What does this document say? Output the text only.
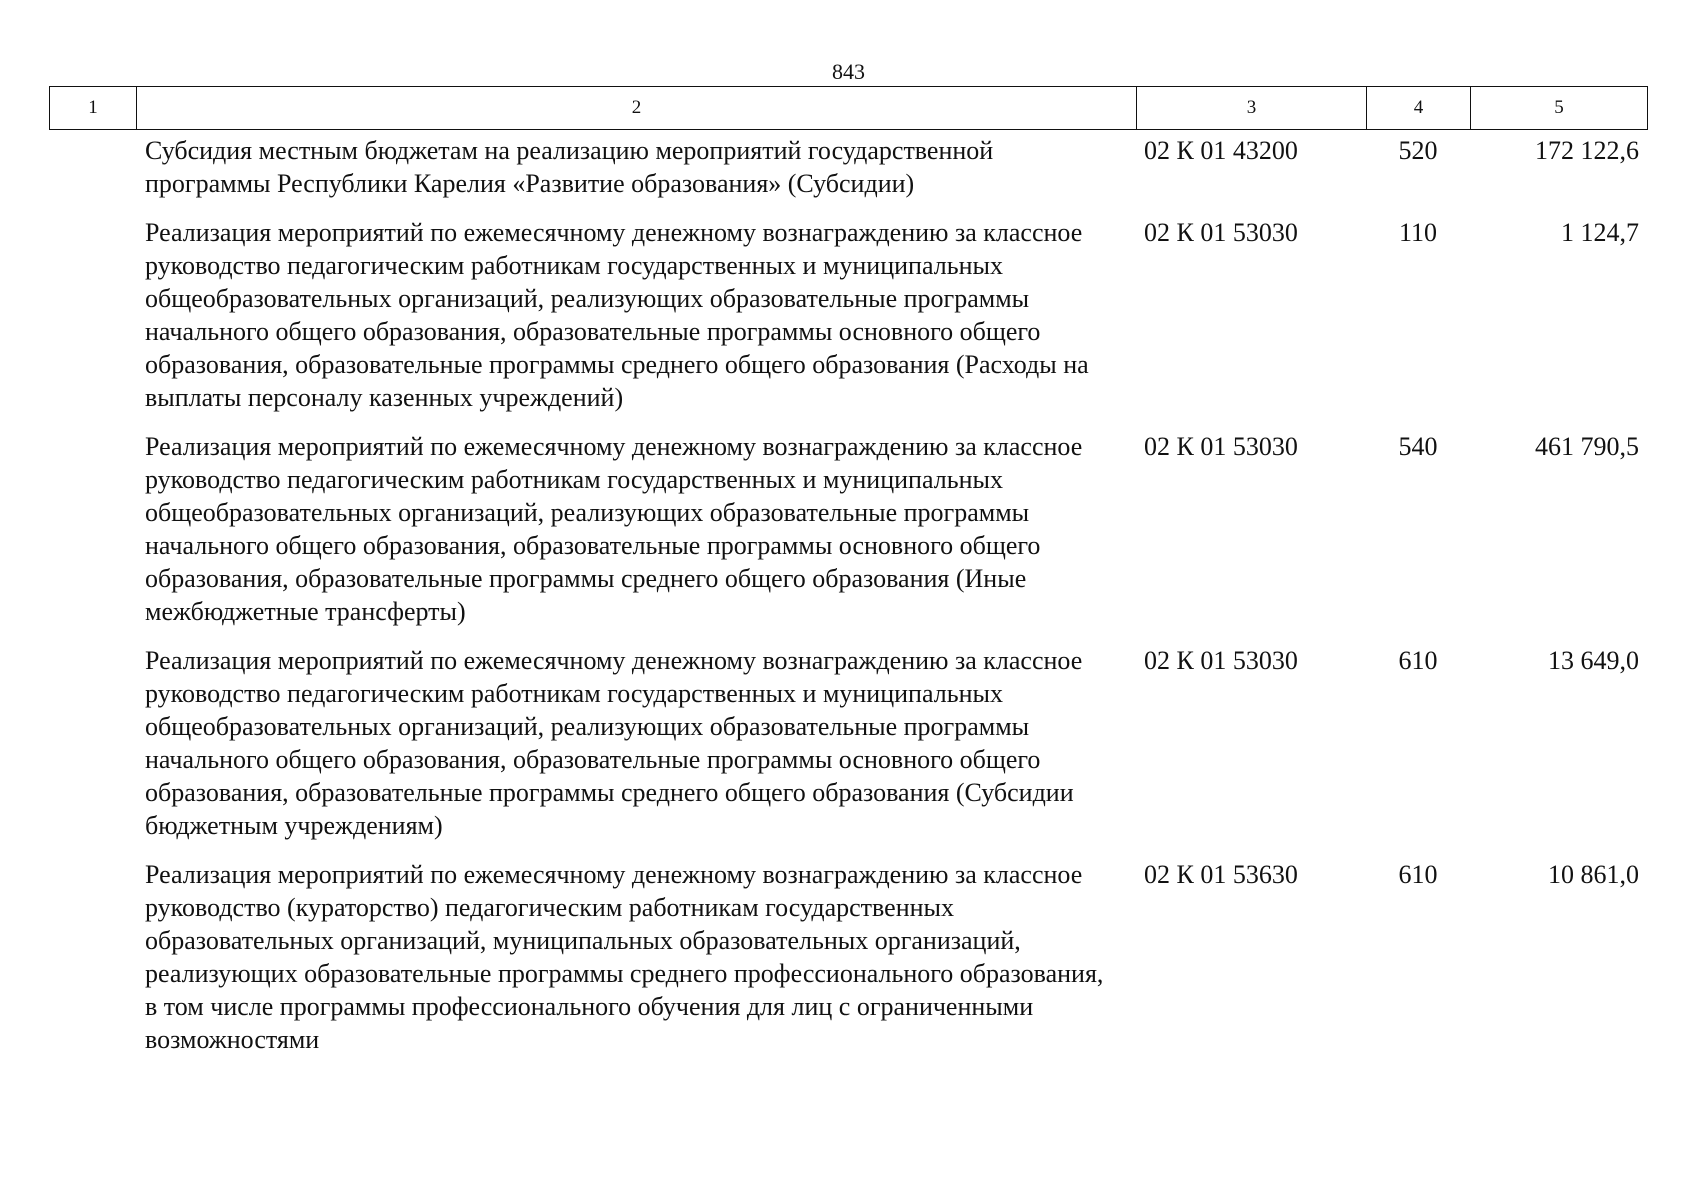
843
1	2	3	4	5
	Субсидия местным бюджетам на реализацию мероприятий государственной программы Республики Карелия «Развитие образования» (Субсидии)	02 К 01 43200	520	172 122,6
	Реализация мероприятий по ежемесячному денежному вознаграждению за классное руководство педагогическим работникам государственных и муниципальных общеобразовательных организаций, реализующих образовательные программы начального общего образования, образовательные программы основного общего образования, образовательные программы среднего общего образования (Расходы на выплаты персоналу казенных учреждений)	02 К 01 53030	110	1 124,7
	Реализация мероприятий по ежемесячному денежному вознаграждению за классное руководство педагогическим работникам государственных и муниципальных общеобразовательных организаций, реализующих образовательные программы начального общего образования, образовательные программы основного общего образования, образовательные программы среднего общего образования (Иные межбюджетные трансферты)	02 К 01 53030	540	461 790,5
	Реализация мероприятий по ежемесячному денежному вознаграждению за классное руководство педагогическим работникам государственных и муниципальных общеобразовательных организаций, реализующих образовательные программы начального общего образования, образовательные программы основного общего образования, образовательные программы среднего общего образования (Субсидии бюджетным учреждениям)	02 К 01 53030	610	13 649,0
	Реализация мероприятий по ежемесячному денежному вознаграждению за классное руководство (кураторство) педагогическим работникам государственных образовательных организаций, муниципальных образовательных организаций, реализующих образовательные программы среднего профессионального образования, в том числе программы профессионального обучения для лиц с ограниченными возможностями	02 К 01 53630	610	10 861,0
